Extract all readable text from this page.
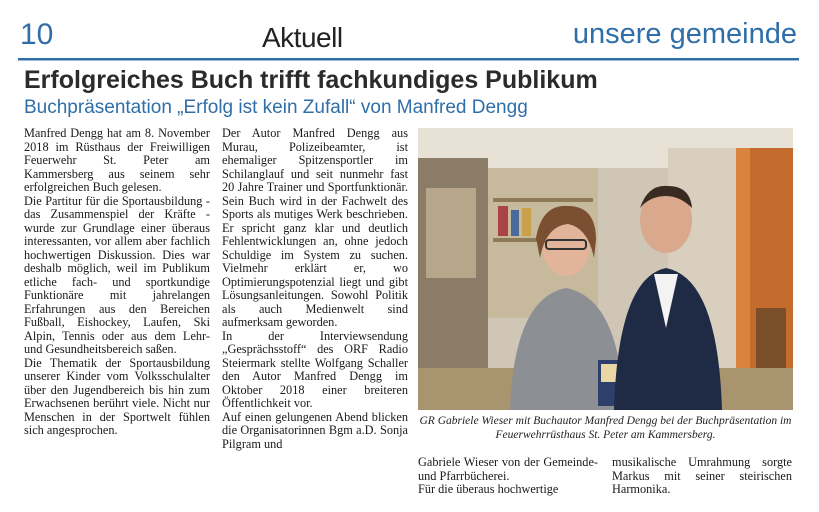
10	Aktuell	unsere gemeinde
Erfolgreiches Buch trifft fachkundiges Publikum
Buchpräsentation „Erfolg ist kein Zufall“ von Manfred Dengg

Manfred Dengg hat am 8. November 2018 im Rüsthaus der Freiwilligen Feuerwehr St. Peter am Kammersberg aus seinem sehr erfolgreichen Buch gelesen.

Die Partitur für die Sportausbildung - das Zusammenspiel der Kräfte - wurde zur Grundlage einer überaus interessanten, vor allem aber fachlich hochwertigen Diskussion. Dies war deshalb möglich, weil im Publikum etliche fach- und sportkundige Funktionäre mit jahrelangen Erfahrungen aus den Bereichen Fußball, Eishockey, Laufen, Ski Alpin, Tennis oder aus dem Lehr- und Gesundheitsbereich saßen.

Die Thematik der Sportausbildung unserer Kinder vom Volksschulalter über den Jugendbereich bis hin zum Erwachsenen berührt viele. Nicht nur Menschen in der Sportwelt fühlen sich angesprochen.

Der Autor Manfred Dengg aus Murau, Polizeibeamter, ist ehemaliger Spitzensportler im Schilanglauf und seit nunmehr fast 20 Jahre Trainer und Sportfunktionär. Sein Buch wird in der Fachwelt des Sports als mutiges Werk beschrieben. Er spricht ganz klar und deutlich Fehlentwicklungen an, ohne jedoch Schuldige im System zu suchen. Vielmehr erklärt er, wo Optimierungspotenzial liegt und gibt Lösungsanleitungen. Sowohl Politik als auch Medienwelt sind aufmerksam geworden.

In der Interviewsendung „Gesprächsstoff“ des ORF Radio Steiermark stellte Wolfgang Schaller den Autor Manfred Dengg im Oktober 2018 einer breiteren Öffentlichkeit vor.

Auf einen gelungenen Abend blicken die Organisatorinnen Bgm a.D. Sonja Pilgram und

GR Gabriele Wieser mit Buchautor Manfred Dengg bei der Buchpräsentation im Feuerwehrrüsthaus St. Peter am Kammersberg.

Gabriele Wieser von der Gemeinde- und Pfarrbücherei.

Für die überaus hochwertige

musikalische Umrahmung sorgte Markus mit seiner steirischen Harmonika.
